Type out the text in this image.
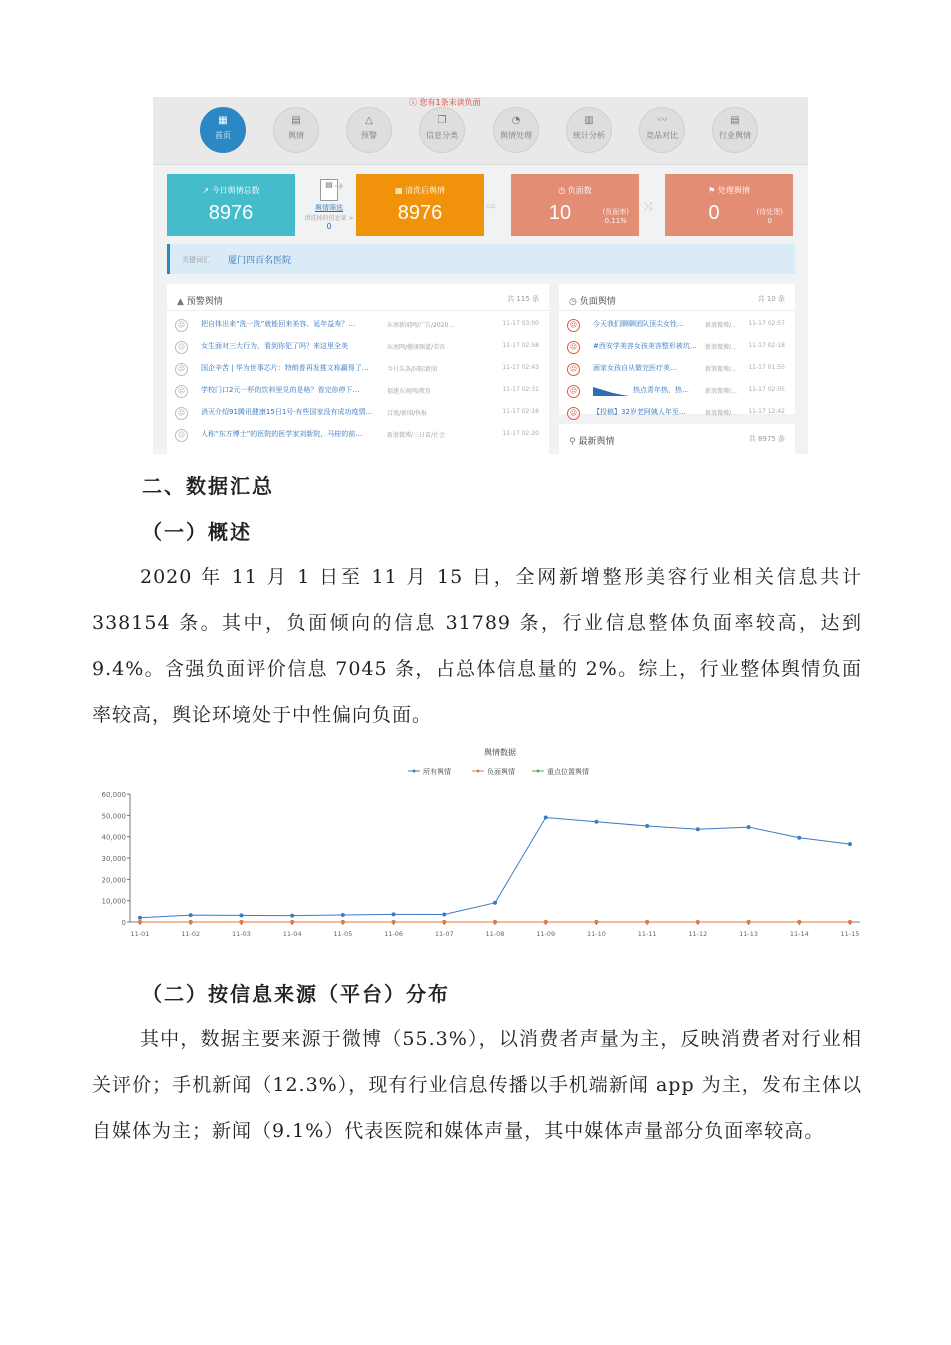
ⓘ 您有1条未读负面
▦
首页
▤
舆情
△
预警
❐
信息分类
◔
舆情处理
▥
统计分析
〰
竞品对比
▤
行业舆情
▤
舆情筛选
清洗掉的信息量 >
0
➜
⇨	⤨
↗ 今日舆情总数
8976
▦ 清洗后舆情
8976
◷ 负面数
10	(负面率)
0.11%
⚑ 处理舆情
0	(待处理)
0
关键词汇 厦门四百名医院
▲ 预警舆情	共 115 条
☹	把自体出来“洗一洗”就能回来美容、延年益寿？…	东南新闻网/广告/2020…	11-17 03:00
☹	女生面对三大行为，看到你犯了吗？来这里全美	东南网/健康频道/美容	11-17 02:58
☹	国企辛苦 | 华为世事芯片：特朗普再发推文称赢得了…	今日头条/国际新闻	11-17 02:43
☹	学校门口2元一杯的饮料里兑的是啥？看完你停下…	福建东南网/教育	11-17 02:31
☹	消灭介绍91腾讯健康15日1号·有些国家没有成功疫情…	百度/新闻/快报	11-17 02:16
☹	人称“东方博士”的医院的医学家刘新院，马桂的前…	新浪微博/三日看/社会	11-17 02:20
◷ 负面舆情	共 10 条
☹	今天我们聊聊团队顶尖女性…	新浪微博/…	11-17 02:57
☹	#西安学美容女孩美容整形被坑…	新浪微博/…	11-17 02:18
☹	画家女孩自从做完医疗美…	新浪微博/…	11-17 01:55
☹	热点青年热，热…	新浪微博/…	11-17 02:05
☹	【投稿】32岁老阿姨人年至…	新浪微博/…	11-17 12:42
⚲ 最新舆情	共 8975 条
二、数据汇总
（一）概述
2020 年 11 月 1 日至 11 月 15 日，全网新增整形美容行业相关信息共计 338154 条。其中，负面倾向的信息 31789 条，行业信息整体负面率较高，达到 9.4%。含强负面评价信息 7045 条，占总体信息量的 2%。综上，行业整体舆情负面率较高，舆论环境处于中性偏向负面。
舆情数据
所有舆情	负面舆情	重点位置舆情
0
10,000
20,000
30,000
40,000
50,000
60,000
11-01	11-02	11-03	11-04	11-05	11-06	11-07	11-08	11-09	11-10	11-11	11-12	11-13	11-14	11-15
（二）按信息来源（平台）分布
其中，数据主要来源于微博（55.3%），以消费者声量为主，反映消费者对行业相关评价；手机新闻（12.3%），现有行业信息传播以手机端新闻 app 为主，发布主体以自媒体为主；新闻（9.1%）代表医院和媒体声量，其中媒体声量部分负面率较高。
